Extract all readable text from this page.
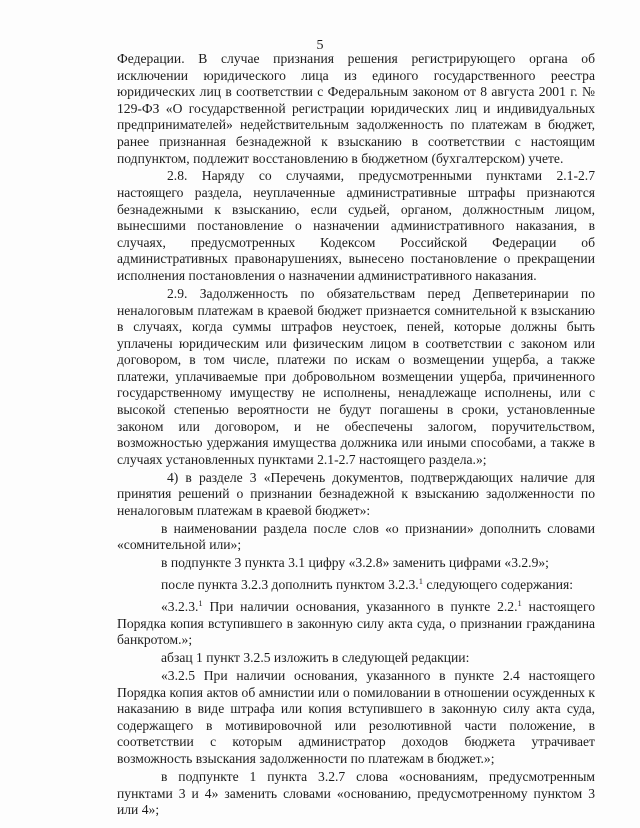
5

Федерации. В случае признания решения регистрирующего органа об исключении юридического лица из единого государственного реестра юридических лиц в соответствии с Федеральным законом от 8 августа 2001 г. № 129-ФЗ «О государственной регистрации юридических лиц и индивидуальных предпринимателей» недействительным задолженность по платежам в бюджет, ранее признанная безнадежной к взысканию в соответствии с настоящим подпунктом, подлежит восстановлению в бюджетном (бухгалтерском) учете.

2.8. Наряду со случаями, предусмотренными пунктами 2.1-2.7 настоящего раздела, неуплаченные административные штрафы признаются безнадежными к взысканию, если судьей, органом, должностным лицом, вынесшими постановление о назначении административного наказания, в случаях, предусмотренных Кодексом Российской Федерации об административных правонарушениях, вынесено постановление о прекращении исполнения постановления о назначении административного наказания.

2.9. Задолженность по обязательствам перед Депветеринарии по неналоговым платежам в краевой бюджет признается сомнительной к взысканию в случаях, когда суммы штрафов неустоек, пеней, которые должны быть уплачены юридическим или физическим лицом в соответствии с законом или договором, в том числе, платежи по искам о возмещении ущерба, а также платежи, уплачиваемые при добровольном возмещении ущерба, причиненного государственному имуществу не исполнены, ненадлежаще исполнены, или с высокой степенью вероятности не будут погашены в сроки, установленные законом или договором, и не обеспечены залогом, поручительством, возможностью удержания имущества должника или иными способами, а также в случаях установленных пунктами 2.1-2.7 настоящего раздела.»;

4) в разделе 3 «Перечень документов, подтверждающих наличие для принятия решений о признании безнадежной к взысканию задолженности по неналоговым платежам в краевой бюджет»:

в наименовании раздела после слов «о признании» дополнить словами «сомнительной или»;

в подпункте 3 пункта 3.1 цифру «3.2.8» заменить цифрами «3.2.9»;

после пункта 3.2.3 дополнить пунктом 3.2.3.$^1$ следующего содержания:

«3.2.3.$^1$ При наличии основания, указанного в пункте 2.2.$^1$ настоящего Порядка копия вступившего в законную силу акта суда, о признании гражданина банкротом.»;

абзац 1 пункт 3.2.5 изложить в следующей редакции:

«3.2.5 При наличии основания, указанного в пункте 2.4 настоящего Порядка копия актов об амнистии или о помиловании в отношении осужденных к наказанию в виде штрафа или копия вступившего в законную силу акта суда, содержащего в мотивировочной или резолютивной части положение, в соответствии с которым администратор доходов бюджета утрачивает возможность взыскания задолженности по платежам в бюджет.»;

в подпункте 1 пункта 3.2.7 слова «основаниям, предусмотренным пунктами 3 и 4» заменить словами «основанию, предусмотренному пунктом 3 или 4»;
